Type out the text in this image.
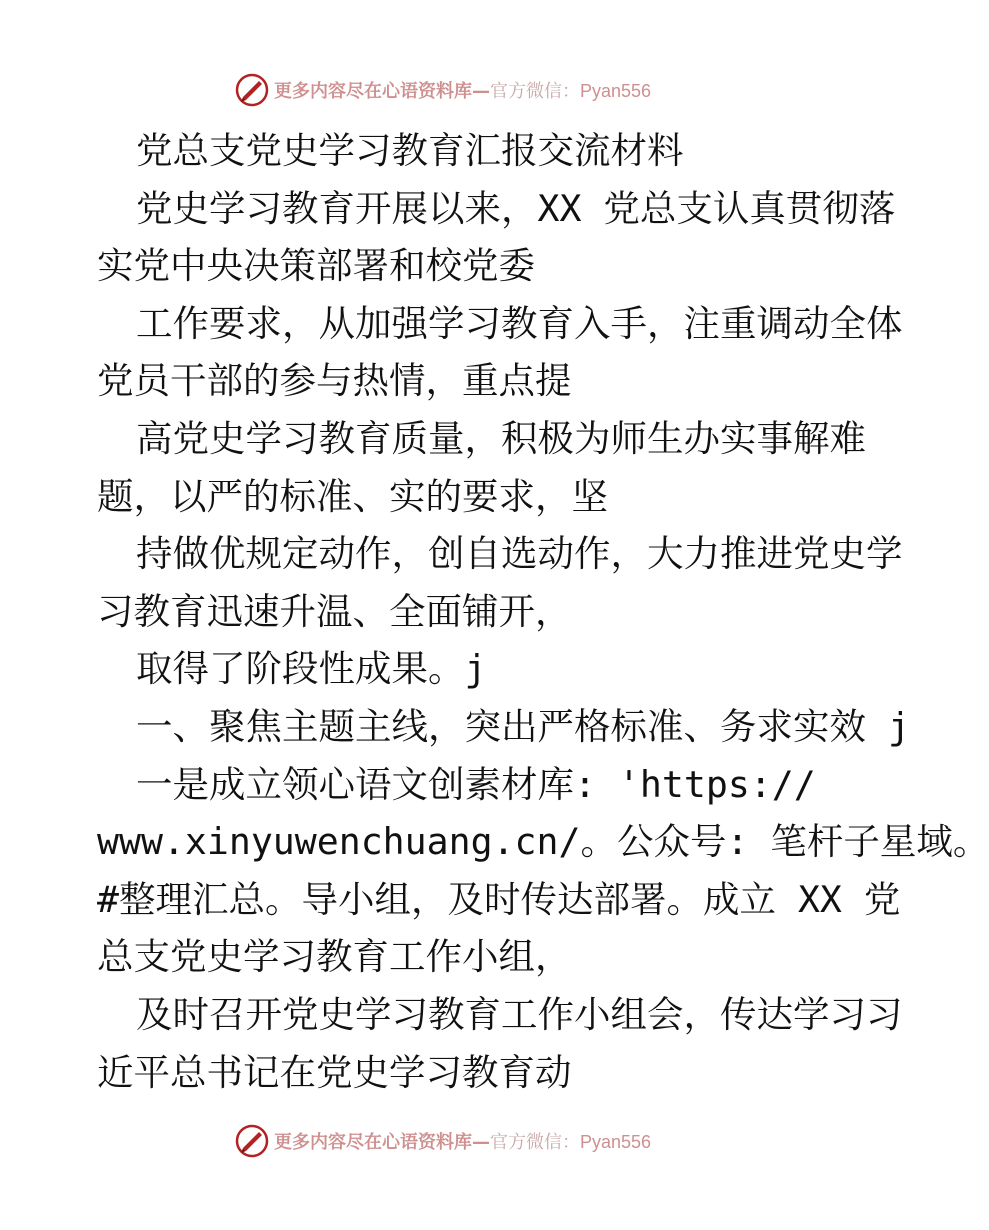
更多内容尽在心语资料库—官方微信：Pyan556
党总支党史学习教育汇报交流材料
党史学习教育开展以来，XX 党总支认真贯彻落
实党中央决策部署和校党委
工作要求，从加强学习教育入手，注重调动全体
党员干部的参与热情，重点提
高党史学习教育质量，积极为师生办实事解难
题，以严的标准、实的要求，坚
持做优规定动作，创自选动作，大力推进党史学
习教育迅速升温、全面铺开，
取得了阶段性成果。j
一、聚焦主题主线，突出严格标准、务求实效 j
一是成立领心语文创素材库: 'https://
www.xinyuwenchuang.cn/。公众号: 笔杆子星域。
#整理汇总。导小组，及时传达部署。成立 XX 党
总支党史学习教育工作小组，
及时召开党史学习教育工作小组会，传达学习习
近平总书记在党史学习教育动
更多内容尽在心语资料库—官方微信：Pyan556
